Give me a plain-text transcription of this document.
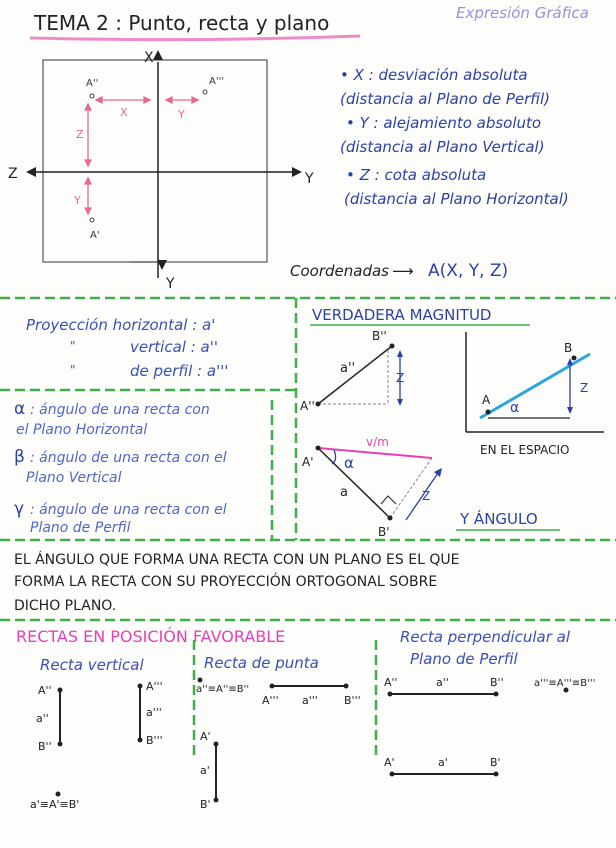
TEMA 2 : Punto, recta y plano	Expresión Gráfica
X
Y
Z
Y
A''	A'''
A'
X	Y
Z
Y
• X : desviación absoluta
(distancia al Plano de Perfil)
• Y : alejamiento absoluto
(distancia al Plano Vertical)
• Z : cota absoluta
(distancia al Plano Horizontal)
Coordenadas ⟶ A(X, Y, Z)
Proyección horizontal : a'
"	vertical : a''
"	de perfil : a'''
α : ángulo de una recta con
el Plano Horizontal
β : ángulo de una recta con el
Plano Vertical
γ : ángulo de una recta con el
Plano de Perfil
VERDADERA MAGNITUD
B''
A''
a''
Z
A' α
v/m
a
B'
Z
B
A α
Z
EN EL ESPACIO
Y ÁNGULO
EL ÁNGULO QUE FORMA UNA RECTA CON UN PLANO ES EL QUE
FORMA LA RECTA CON SU PROYECCIÓN ORTOGONAL SOBRE
DICHO PLANO.
RECTAS EN POSICIÓN FAVORABLE
Recta vertical
A''
a''
B''
A'''
a'''
B'''
a'≡A'≡B'
Recta de punta
a''≡A''≡B''
A''' a''' B'''
A'
a'
B'
Recta perpendicular al
Plano de Perfil
A''	a''	B''	a'''≡A'''≡B'''
A'	a'	B'
